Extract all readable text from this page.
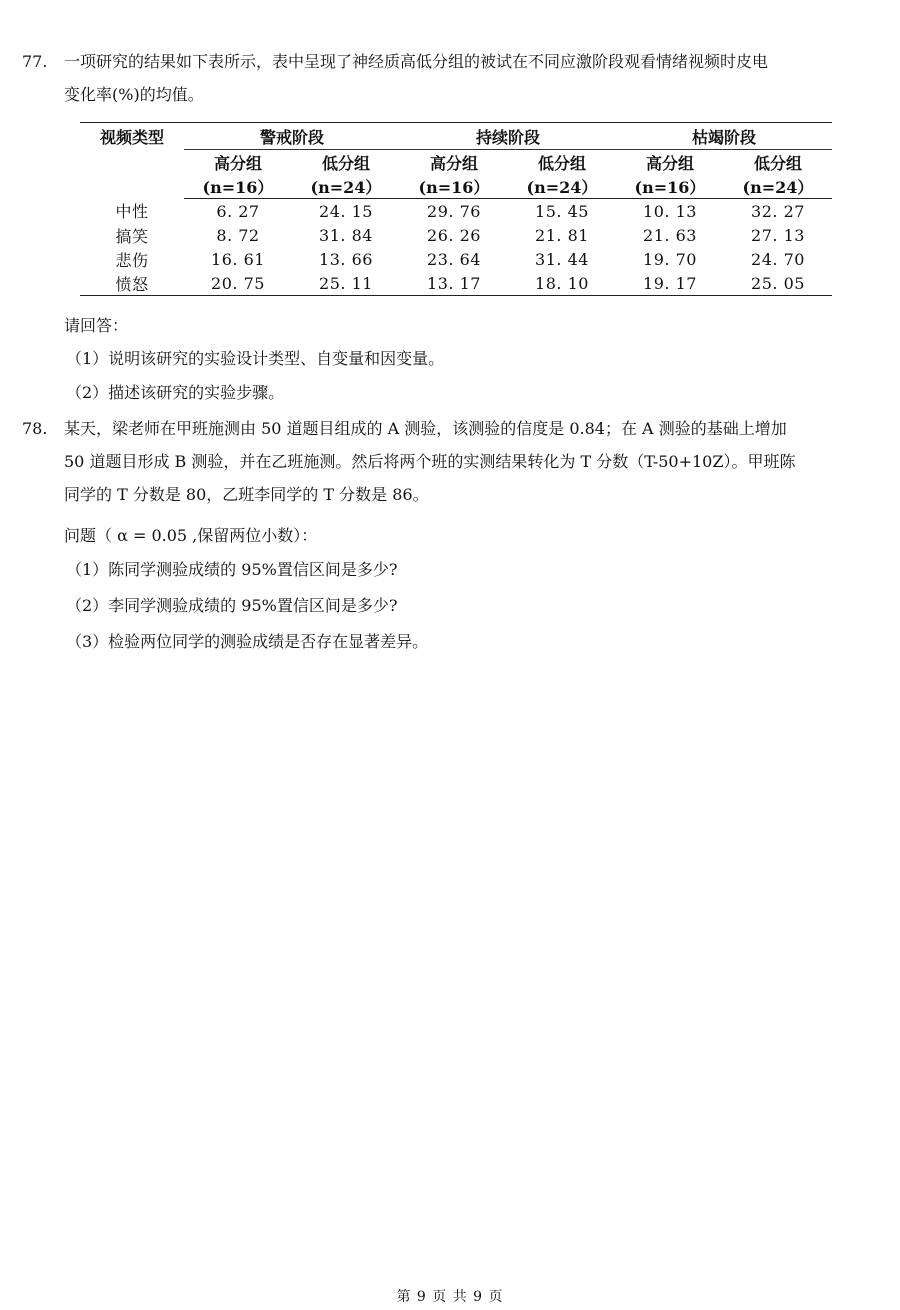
77.	一项研究的结果如下表所示，表中呈现了神经质高低分组的被试在不同应激阶段观看情绪视频时皮电
变化率(%)的均值。
视频类型	警戒阶段		持续阶段		枯竭阶段	
	高分组	低分组	高分组	低分组	高分组	低分组
	(n=16）	(n=24）	(n=16）	(n=24）	(n=16）	(n=24）
中性	6. 27	24. 15	29. 76	15. 45	10. 13	32. 27
搞笑	8. 72	31. 84	26. 26	21. 81	21. 63	27. 13
悲伤	16. 61	13. 66	23. 64	31. 44	19. 70	24. 70
愤怒	20. 75	25. 11	13. 17	18. 10	19. 17	25. 05
请回答：
（1）说明该研究的实验设计类型、自变量和因变量。
（2）描述该研究的实验步骤。
78.	某天，梁老师在甲班施测由 50 道题目组成的 A 测验，该测验的信度是 0.84；在 A 测验的基础上增加
50 道题目形成 B 测验，并在乙班施测。然后将两个班的实测结果转化为 T 分数（T-50+10Z）。甲班陈
同学的 T 分数是 80，乙班李同学的 T 分数是 86。
问题（ α = 0.05 ,保留两位小数）：
（1）陈同学测验成绩的 95%置信区间是多少?
（2）李同学测验成绩的 95%置信区间是多少?
（3）检验两位同学的测验成绩是否存在显著差异。
第 9 页 共 9 页
